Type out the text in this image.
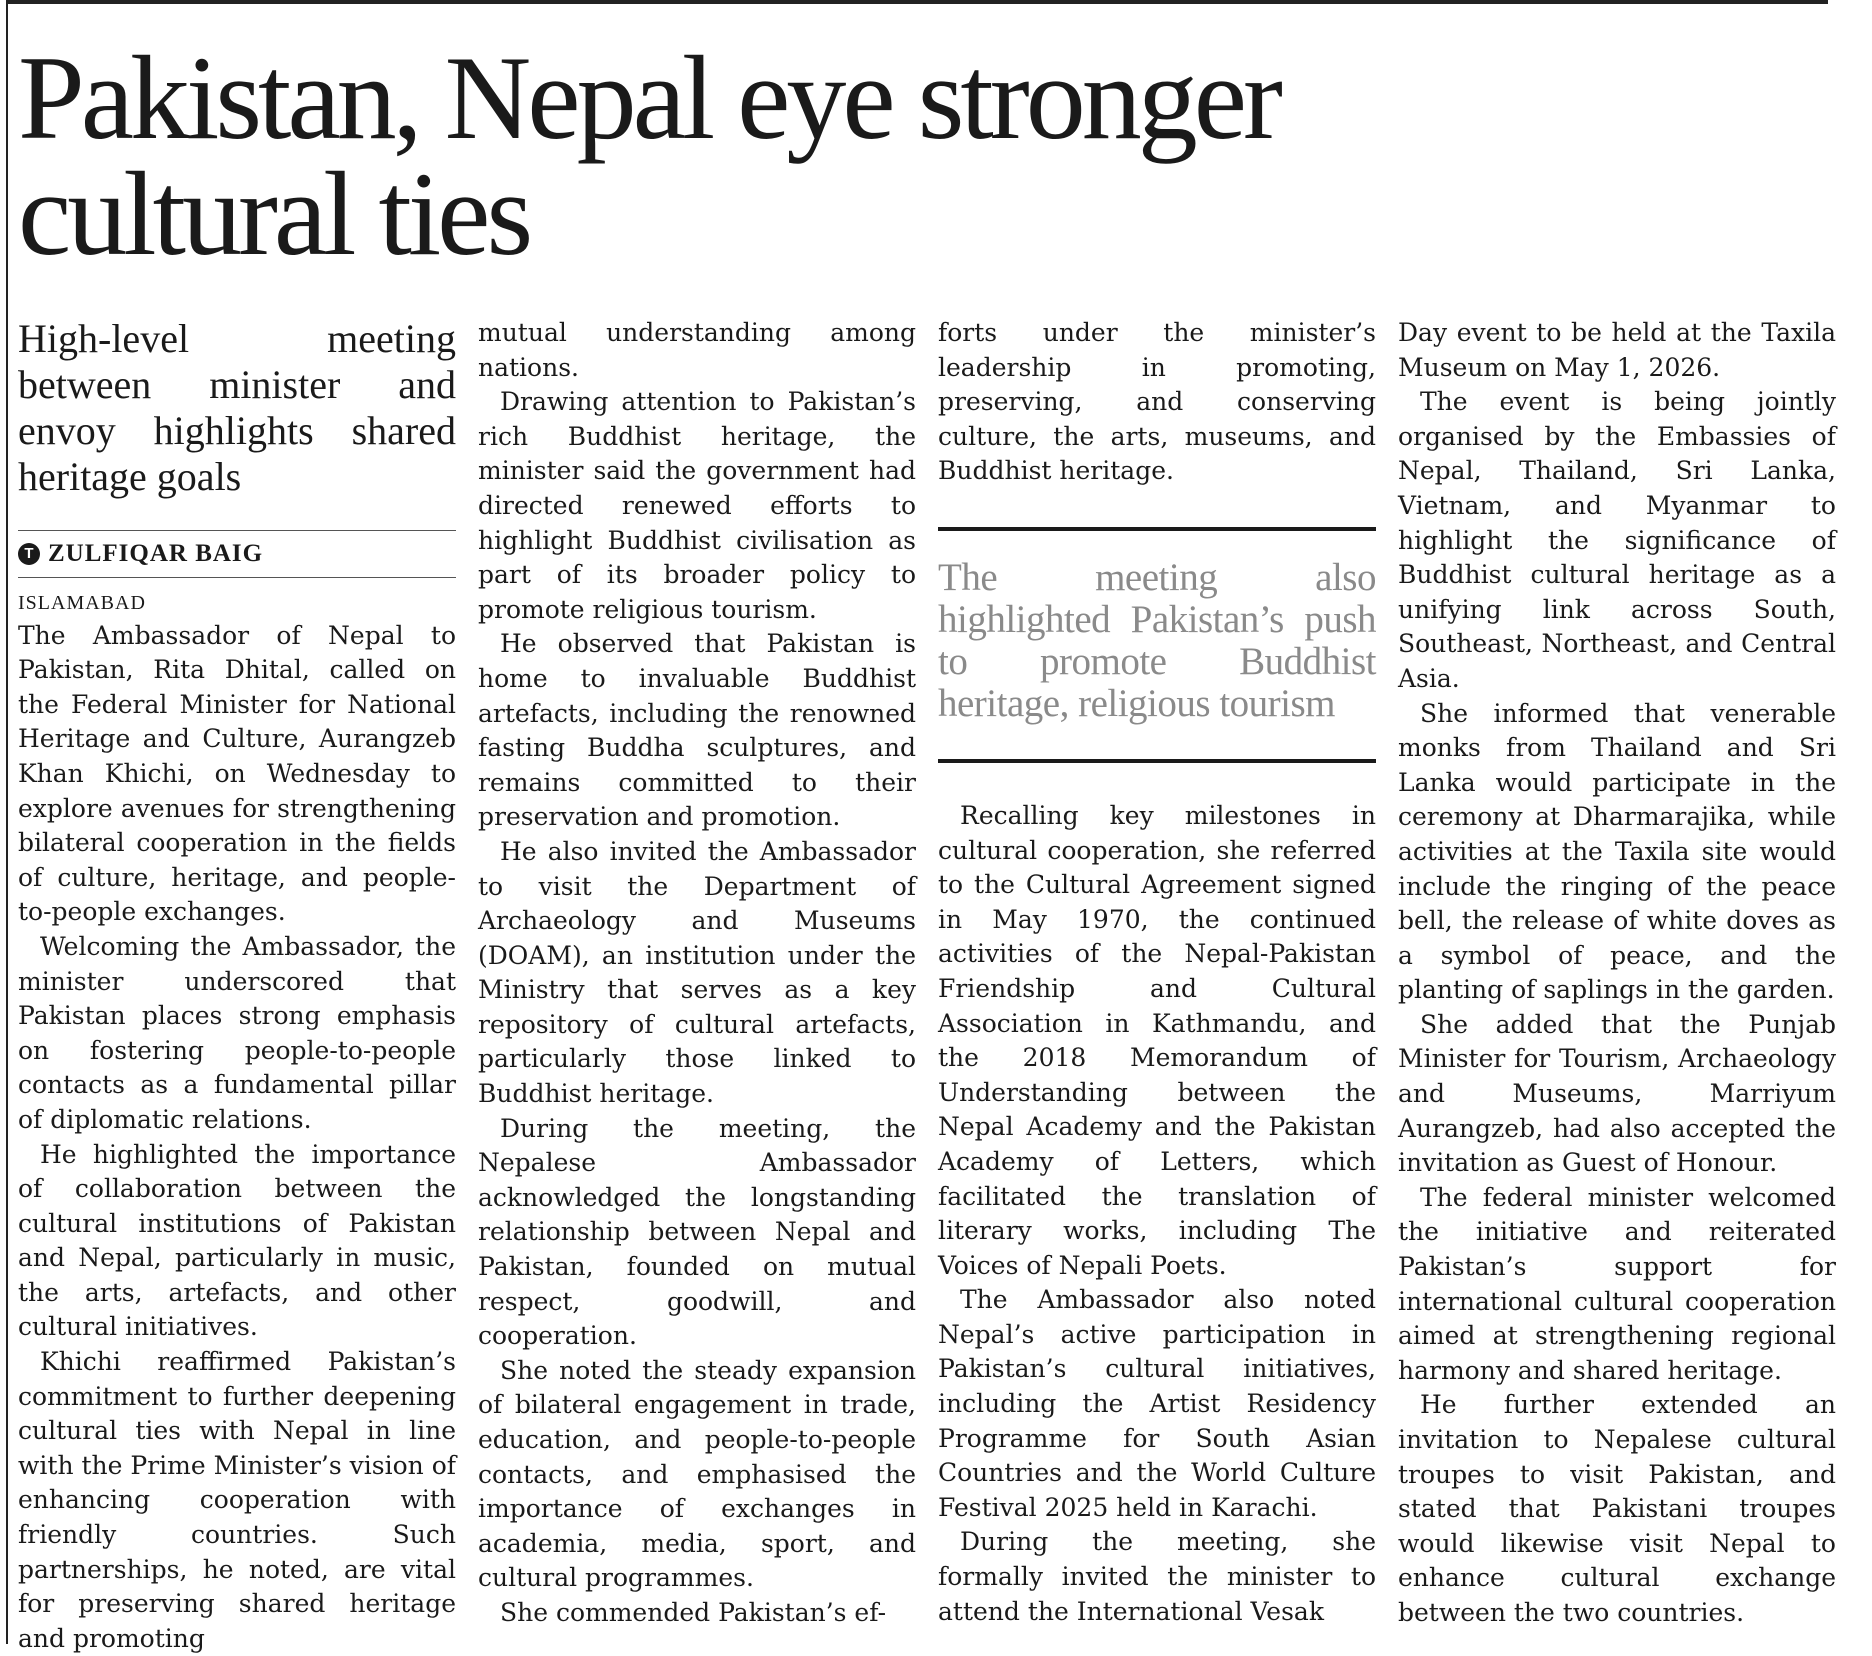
Pakistan, Nepal eye stronger
cultural ties
High-level meeting between minister and envoy highlights shared heritage goals
T ZULFIQAR BAIG
ISLAMABAD

The Ambassador of Nepal to Pakistan, Rita Dhital, called on the Federal Minister for National Heritage and Culture, Aurangzeb Khan Khichi, on Wednesday to explore avenues for strengthening bilateral cooperation in the fields of culture, heritage, and people-to-people exchanges.

Welcoming the Ambassador, the minister underscored that Pakistan places strong emphasis on fostering people-to-people contacts as a fundamental pillar of diplomatic relations.

He highlighted the importance of collaboration between the cultural institutions of Pakistan and Nepal, particularly in music, the arts, artefacts, and other cultural initiatives.

Khichi reaffirmed Pakistan’s commitment to further deepening cultural ties with Nepal in line with the Prime Minister’s vision of enhancing cooperation with friendly countries. Such partnerships, he noted, are vital for preserving shared heritage and promoting

mutual understanding among nations.

Drawing attention to Pakistan’s rich Buddhist heritage, the minister said the government had directed renewed efforts to highlight Buddhist civilisation as part of its broader policy to promote religious tourism.

He observed that Pakistan is home to invaluable Buddhist artefacts, including the renowned fasting Buddha sculptures, and remains committed to their preservation and promotion.

He also invited the Ambassador to visit the Department of Archaeology and Museums (DOAM), an institution under the Ministry that serves as a key repository of cultural artefacts, particularly those linked to Buddhist heritage.

During the meeting, the Nepalese Ambassador acknowledged the longstanding relationship between Nepal and Pakistan, founded on mutual respect, goodwill, and cooperation.

She noted the steady expansion of bilateral engagement in trade, education, and people-to-people contacts, and emphasised the importance of exchanges in academia, media, sport, and cultural programmes.

She commended Pakistan’s ef-

forts under the minister’s leadership in promoting, preserving, and conserving culture, the arts, museums, and Buddhist heritage.

The meeting also highlighted Pakistan’s push to promote Buddhist heritage, religious tourism

Recalling key milestones in cultural cooperation, she referred to the Cultural Agreement signed in May 1970, the continued activities of the Nepal-Pakistan Friendship and Cultural Association in Kathmandu, and the 2018 Memorandum of Understanding between the Nepal Academy and the Pakistan Academy of Letters, which facilitated the translation of literary works, including The Voices of Nepali Poets.

The Ambassador also noted Nepal’s active participation in Pakistan’s cultural initiatives, including the Artist Residency Programme for South Asian Countries and the World Culture Festival 2025 held in Karachi.

During the meeting, she formally invited the minister to attend the International Vesak

Day event to be held at the Taxila Museum on May 1, 2026.

The event is being jointly organised by the Embassies of Nepal, Thailand, Sri Lanka, Vietnam, and Myanmar to highlight the significance of Buddhist cultural heritage as a unifying link across South, Southeast, Northeast, and Central Asia.

She informed that venerable monks from Thailand and Sri Lanka would participate in the ceremony at Dharmarajika, while activities at the Taxila site would include the ringing of the peace bell, the release of white doves as a symbol of peace, and the planting of saplings in the garden.

She added that the Punjab Minister for Tourism, Archaeology and Museums, Marriyum Aurangzeb, had also accepted the invitation as Guest of Honour.

The federal minister welcomed the initiative and reiterated Pakistan’s support for international cultural cooperation aimed at strengthening regional harmony and shared heritage.

He further extended an invitation to Nepalese cultural troupes to visit Pakistan, and stated that Pakistani troupes would likewise visit Nepal to enhance cultural exchange between the two countries.
